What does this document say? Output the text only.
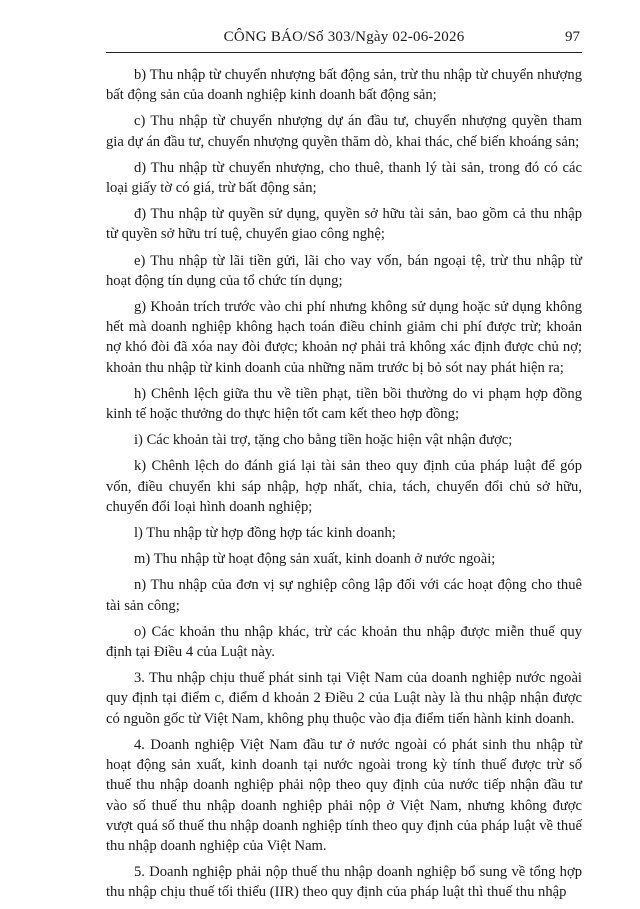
CÔNG BÁO/Số 303/Ngày 02-06-2026	97

b) Thu nhập từ chuyển nhượng bất động sản, trừ thu nhập từ chuyển nhượng bất động sản của doanh nghiệp kinh doanh bất động sản;

c) Thu nhập từ chuyển nhượng dự án đầu tư, chuyển nhượng quyền tham gia dự án đầu tư, chuyển nhượng quyền thăm dò, khai thác, chế biến khoáng sản;

d) Thu nhập từ chuyển nhượng, cho thuê, thanh lý tài sản, trong đó có các loại giấy tờ có giá, trừ bất động sản;

đ) Thu nhập từ quyền sử dụng, quyền sở hữu tài sản, bao gồm cả thu nhập từ quyền sở hữu trí tuệ, chuyển giao công nghệ;

e) Thu nhập từ lãi tiền gửi, lãi cho vay vốn, bán ngoại tệ, trừ thu nhập từ hoạt động tín dụng của tổ chức tín dụng;

g) Khoản trích trước vào chi phí nhưng không sử dụng hoặc sử dụng không hết mà doanh nghiệp không hạch toán điều chỉnh giảm chi phí được trừ; khoản nợ khó đòi đã xóa nay đòi được; khoản nợ phải trả không xác định được chủ nợ; khoản thu nhập từ kinh doanh của những năm trước bị bỏ sót nay phát hiện ra;

h) Chênh lệch giữa thu về tiền phạt, tiền bồi thường do vi phạm hợp đồng kinh tế hoặc thưởng do thực hiện tốt cam kết theo hợp đồng;

i) Các khoản tài trợ, tặng cho bằng tiền hoặc hiện vật nhận được;

k) Chênh lệch do đánh giá lại tài sản theo quy định của pháp luật để góp vốn, điều chuyển khi sáp nhập, hợp nhất, chia, tách, chuyển đổi chủ sở hữu, chuyển đổi loại hình doanh nghiệp;

l) Thu nhập từ hợp đồng hợp tác kinh doanh;

m) Thu nhập từ hoạt động sản xuất, kinh doanh ở nước ngoài;

n) Thu nhập của đơn vị sự nghiệp công lập đối với các hoạt động cho thuê tài sản công;

o) Các khoản thu nhập khác, trừ các khoản thu nhập được miễn thuế quy định tại Điều 4 của Luật này.

3. Thu nhập chịu thuế phát sinh tại Việt Nam của doanh nghiệp nước ngoài quy định tại điểm c, điểm d khoản 2 Điều 2 của Luật này là thu nhập nhận được có nguồn gốc từ Việt Nam, không phụ thuộc vào địa điểm tiến hành kinh doanh.

4. Doanh nghiệp Việt Nam đầu tư ở nước ngoài có phát sinh thu nhập từ hoạt động sản xuất, kinh doanh tại nước ngoài trong kỳ tính thuế được trừ số thuế thu nhập doanh nghiệp phải nộp theo quy định của nước tiếp nhận đầu tư vào số thuế thu nhập doanh nghiệp phải nộp ở Việt Nam, nhưng không được vượt quá số thuế thu nhập doanh nghiệp tính theo quy định của pháp luật về thuế thu nhập doanh nghiệp của Việt Nam.

5. Doanh nghiệp phải nộp thuế thu nhập doanh nghiệp bổ sung về tổng hợp thu nhập chịu thuế tối thiểu (IIR) theo quy định của pháp luật thì thuế thu nhập
